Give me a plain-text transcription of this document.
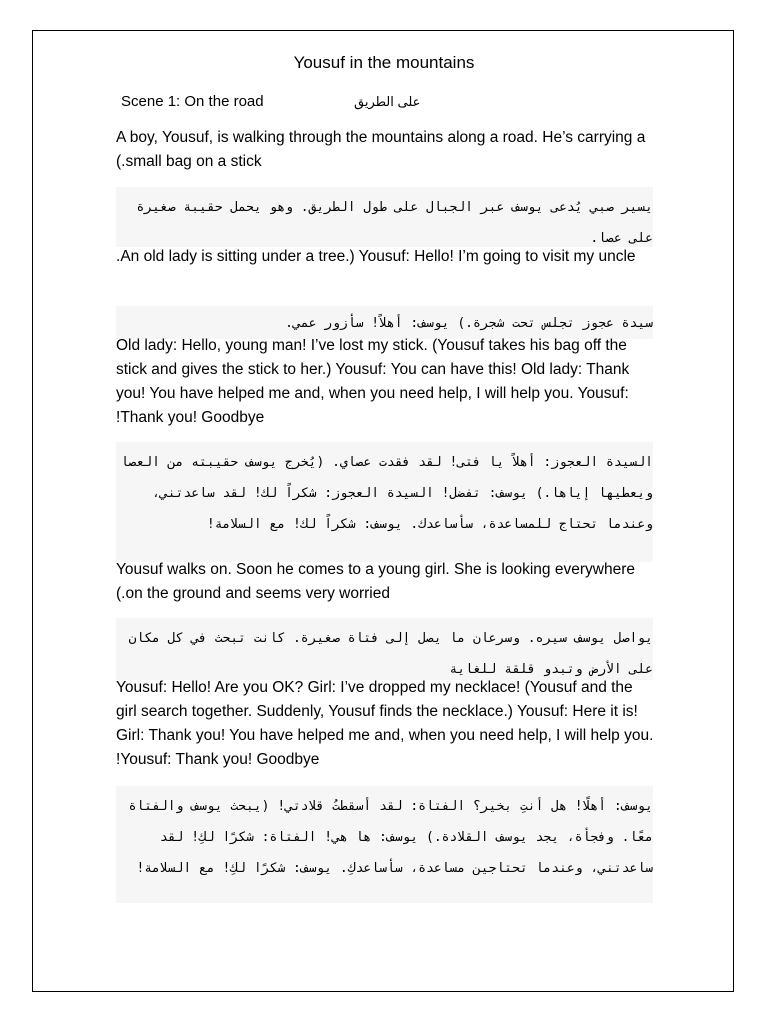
Yousuf in the mountains
Scene 1: On the road	على الطريق
A boy, Yousuf, is walking through the mountains along a road. He’s carrying a small bag on a stick.)
يسير صبي يُدعى يوسف عبر الجبال على طول الطريق. وهو يحمل حقيبة صغيرة على عصا.
An old lady is sitting under a tree.) Yousuf: Hello! I’m going to visit my uncle.
سيدة عجوز تجلس تحت شجرة.) يوسف: أهلاً! سأزور عمي.
Old lady: Hello, young man! I’ve lost my stick. (Yousuf takes his bag off the stick and gives the stick to her.) Yousuf: You can have this! Old lady: Thank you! You have helped me and, when you need help, I will help you. Yousuf: Thank you! Goodbye!
السيدة العجوز: أهلاً يا فتى! لقد فقدت عصاي. (يُخرج يوسف حقيبته من العصا ويعطيها إياها.) يوسف: تفضل! السيدة العجوز: شكراً لك! لقد ساعدتني، وعندما تحتاج للمساعدة، سأساعدك. يوسف: شكراً لك! مع السلامة!
Yousuf walks on. Soon he comes to a young girl. She is looking everywhere on the ground and seems very worried.)
يواصل يوسف سيره. وسرعان ما يصل إلى فتاة صغيرة. كانت تبحث في كل مكان على الأرض وتبدو قلقة للغاية
Yousuf: Hello! Are you OK? Girl: I’ve dropped my necklace! (Yousuf and the girl search together. Suddenly, Yousuf finds the necklace.) Yousuf: Here it is! Girl: Thank you! You have helped me and, when you need help, I will help you. Yousuf: Thank you! Goodbye!
يوسف: أهلًا! هل أنتِ بخير؟ الفتاة: لقد أسقطتُ قلادتي! (يبحث يوسف والفتاة معًا. وفجأة، يجد يوسف القلادة.) يوسف: ها هي! الفتاة: شكرًا لكِ! لقد ساعدتني، وعندما تحتاجين مساعدة، سأساعدكِ. يوسف: شكرًا لكِ! مع السلامة!
